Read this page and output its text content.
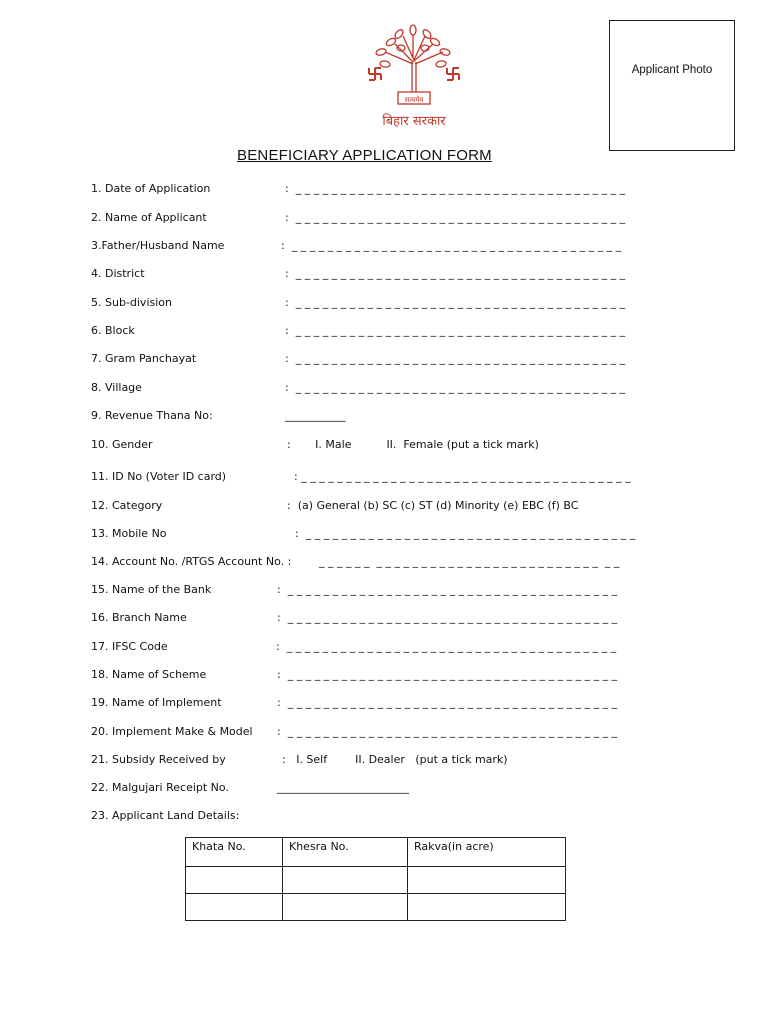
सत्यमेव
बिहार सरकार
Applicant Photo
BENEFICIARY APPLICATION FORM
1. Date of Application	:  _ _ _ _ _ _ _ _ _ _ _ _ _ _ _ _ _ _ _ _ _ _ _ _ _ _ _ _ _ _ _ _ _ _ _ _ _
2. Name of Applicant	:  _ _ _ _ _ _ _ _ _ _ _ _ _ _ _ _ _ _ _ _ _ _ _ _ _ _ _ _ _ _ _ _ _ _ _ _ _
3.Father/Husband Name	:  _ _ _ _ _ _ _ _ _ _ _ _ _ _ _ _ _ _ _ _ _ _ _ _ _ _ _ _ _ _ _ _ _ _ _ _ _
4. District	:  _ _ _ _ _ _ _ _ _ _ _ _ _ _ _ _ _ _ _ _ _ _ _ _ _ _ _ _ _ _ _ _ _ _ _ _ _
5. Sub-division	:  _ _ _ _ _ _ _ _ _ _ _ _ _ _ _ _ _ _ _ _ _ _ _ _ _ _ _ _ _ _ _ _ _ _ _ _ _
6. Block	:  _ _ _ _ _ _ _ _ _ _ _ _ _ _ _ _ _ _ _ _ _ _ _ _ _ _ _ _ _ _ _ _ _ _ _ _ _
7. Gram Panchayat	:  _ _ _ _ _ _ _ _ _ _ _ _ _ _ _ _ _ _ _ _ _ _ _ _ _ _ _ _ _ _ _ _ _ _ _ _ _
8. Village	:  _ _ _ _ _ _ _ _ _ _ _ _ _ _ _ _ _ _ _ _ _ _ _ _ _ _ _ _ _ _ _ _ _ _ _ _ _
9. Revenue Thana No:	___________
10. Gender	:       I. Male          II.  Female (put a tick mark)
11. ID No (Voter ID card)	: _ _ _ _ _ _ _ _ _ _ _ _ _ _ _ _ _ _ _ _ _ _ _ _ _ _ _ _ _ _ _ _ _ _ _ _ _
12. Category	:  (a) General (b) SC (c) ST (d) Minority (e) EBC (f) BC
13. Mobile No	:  _ _ _ _ _ _ _ _ _ _ _ _ _ _ _ _ _ _ _ _ _ _ _ _ _ _ _ _ _ _ _ _ _ _ _ _ _
14. Account No. /RTGS Account No. :	_ _ _ _ _ _  _ _ _ _ _ _ _ _ _ _ _ _ _ _ _ _ _ _ _ _ _ _ _ _ _  _ _
15. Name of the Bank	:  _ _ _ _ _ _ _ _ _ _ _ _ _ _ _ _ _ _ _ _ _ _ _ _ _ _ _ _ _ _ _ _ _ _ _ _ _
16. Branch Name	:  _ _ _ _ _ _ _ _ _ _ _ _ _ _ _ _ _ _ _ _ _ _ _ _ _ _ _ _ _ _ _ _ _ _ _ _ _
17. IFSC Code	:  _ _ _ _ _ _ _ _ _ _ _ _ _ _ _ _ _ _ _ _ _ _ _ _ _ _ _ _ _ _ _ _ _ _ _ _ _
18. Name of Scheme	:  _ _ _ _ _ _ _ _ _ _ _ _ _ _ _ _ _ _ _ _ _ _ _ _ _ _ _ _ _ _ _ _ _ _ _ _ _
19. Name of Implement	:  _ _ _ _ _ _ _ _ _ _ _ _ _ _ _ _ _ _ _ _ _ _ _ _ _ _ _ _ _ _ _ _ _ _ _ _ _
20. Implement Make & Model :  _ _ _ _ _ _ _ _ _ _ _ _ _ _ _ _ _ _ _ _ _ _ _ _ _ _ _ _ _ _ _ _ _ _ _ _ _
21. Subsidy Received by	:   I. Self        II. Dealer   (put a tick mark)
22. Malgujari Receipt No.	________________________
23. Applicant Land Details:
Khata No.	Khesra No.	Rakva(in acre)
